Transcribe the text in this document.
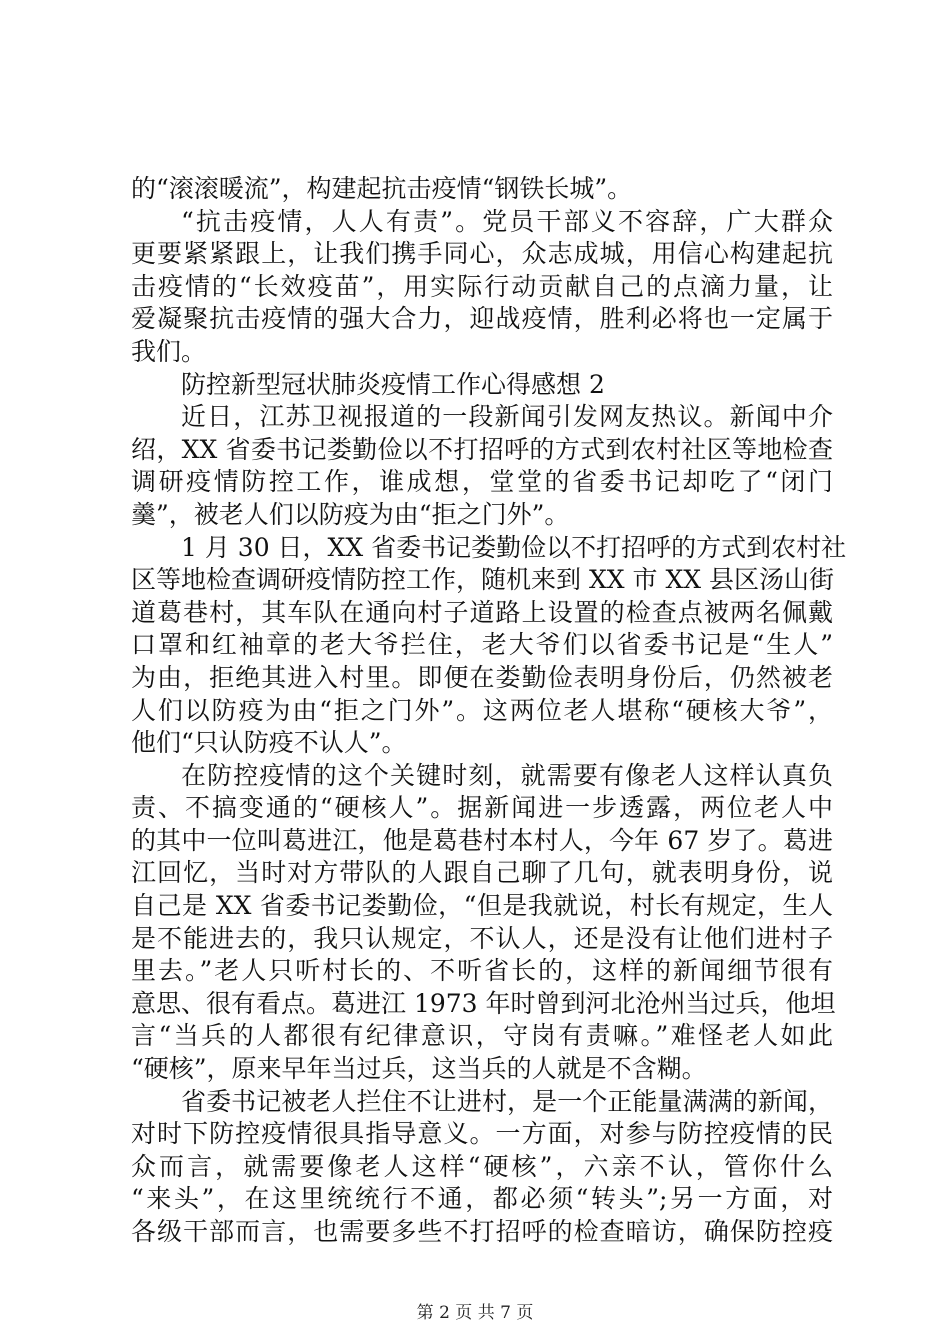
的“滚滚暖流”，构建起抗击疫情“钢铁长城”。
“抗击疫情，人人有责”。党员干部义不容辞，广大群众
更要紧紧跟上，让我们携手同心，众志成城，用信心构建起抗
击疫情的“长效疫苗”，用实际行动贡献自己的点滴力量，让
爱凝聚抗击疫情的强大合力，迎战疫情，胜利必将也一定属于
我们。
防控新型冠状肺炎疫情工作心得感想 2
近日，江苏卫视报道的一段新闻引发网友热议。新闻中介
绍，XX 省委书记娄勤俭以不打招呼的方式到农村社区等地检查
调研疫情防控工作，谁成想，堂堂的省委书记却吃了“闭门
羹”，被老人们以防疫为由“拒之门外”。
1 月 30 日，XX 省委书记娄勤俭以不打招呼的方式到农村社
区等地检查调研疫情防控工作，随机来到 XX 市 XX 县区汤山街
道葛巷村，其车队在通向村子道路上设置的检查点被两名佩戴
口罩和红袖章的老大爷拦住，老大爷们以省委书记是“生人”
为由，拒绝其进入村里。即便在娄勤俭表明身份后，仍然被老
人们以防疫为由“拒之门外”。这两位老人堪称“硬核大爷”，
他们“只认防疫不认人”。
在防控疫情的这个关键时刻，就需要有像老人这样认真负
责、不搞变通的“硬核人”。据新闻进一步透露，两位老人中
的其中一位叫葛进江，他是葛巷村本村人，今年 67 岁了。葛进
江回忆，当时对方带队的人跟自己聊了几句，就表明身份，说
自己是 XX 省委书记娄勤俭，“但是我就说，村长有规定，生人
是不能进去的，我只认规定，不认人，还是没有让他们进村子
里去。”老人只听村长的、不听省长的，这样的新闻细节很有
意思、很有看点。葛进江 1973 年时曾到河北沧州当过兵，他坦
言“当兵的人都很有纪律意识，守岗有责嘛。”难怪老人如此
“硬核”，原来早年当过兵，这当兵的人就是不含糊。
省委书记被老人拦住不让进村，是一个正能量满满的新闻，
对时下防控疫情很具指导意义。一方面，对参与防控疫情的民
众而言，就需要像老人这样“硬核”，六亲不认，管你什么
“来头”，在这里统统行不通，都必须“转头”;另一方面，对
各级干部而言，也需要多些不打招呼的检查暗访，确保防控疫
第 2 页 共 7 页
